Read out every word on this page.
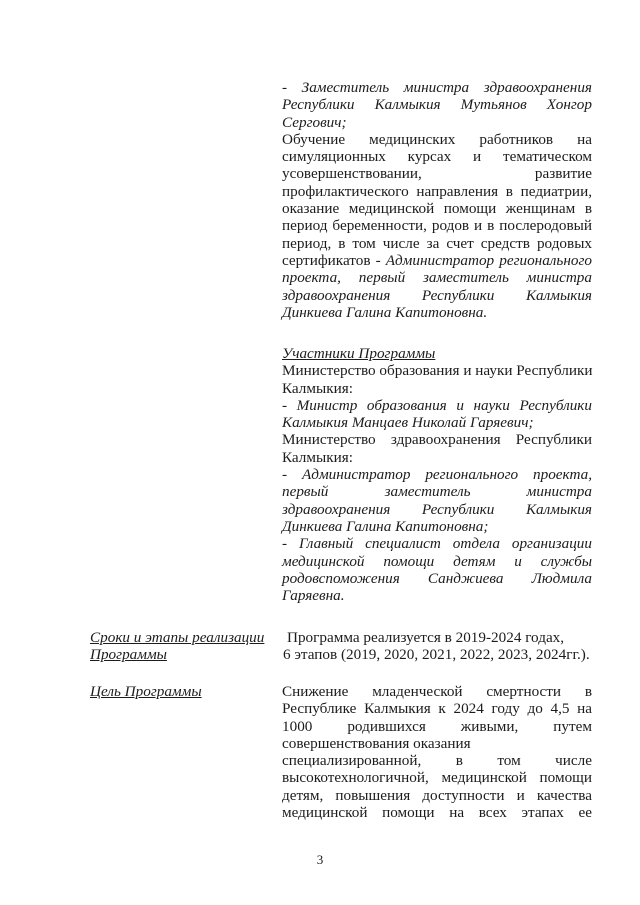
- Заместитель министра здравоохранения
Республики Калмыкия Мутьянов Хонгор
Сергович;
Обучение медицинских работников на
симуляционных курсах и тематическом
усовершенствовании, развитие
профилактического направления в педиатрии,
оказание медицинской помощи женщинам в
период беременности, родов и в послеродовый
период, в том числе за счет средств родовых
сертификатов - Администратор регионального
проекта, первый заместитель министра
здравоохранения Республики Калмыкия
Динкиева Галина Капитоновна.
Участники Программы
Министерство образования и науки Республики
Калмыкия:
- Министр образования и науки Республики
Калмыкия Манцаев Николай Гаряевич;
Министерство здравоохранения Республики
Калмыкия:
- Администратор регионального проекта,
первый заместитель министра
здравоохранения Республики Калмыкия
Динкиева Галина Капитоновна;
- Главный специалист отдела организации
медицинской помощи детям и службы
родовспоможения Санджиева Людмила
Гаряевна.
Сроки и этапы реализации
Программы
Программа реализуется в 2019-2024 годах,
6 этапов (2019, 2020, 2021, 2022, 2023, 2024гг.).
Цель Программы	Снижение младенческой смертности в
Республике Калмыкия к 2024 году до 4,5 на
1000 родившихся живыми, путем
совершенствования оказания
специализированной, в том числе
высокотехнологичной, медицинской помощи
детям, повышения доступности и качества
медицинской помощи на всех этапах ее
3
